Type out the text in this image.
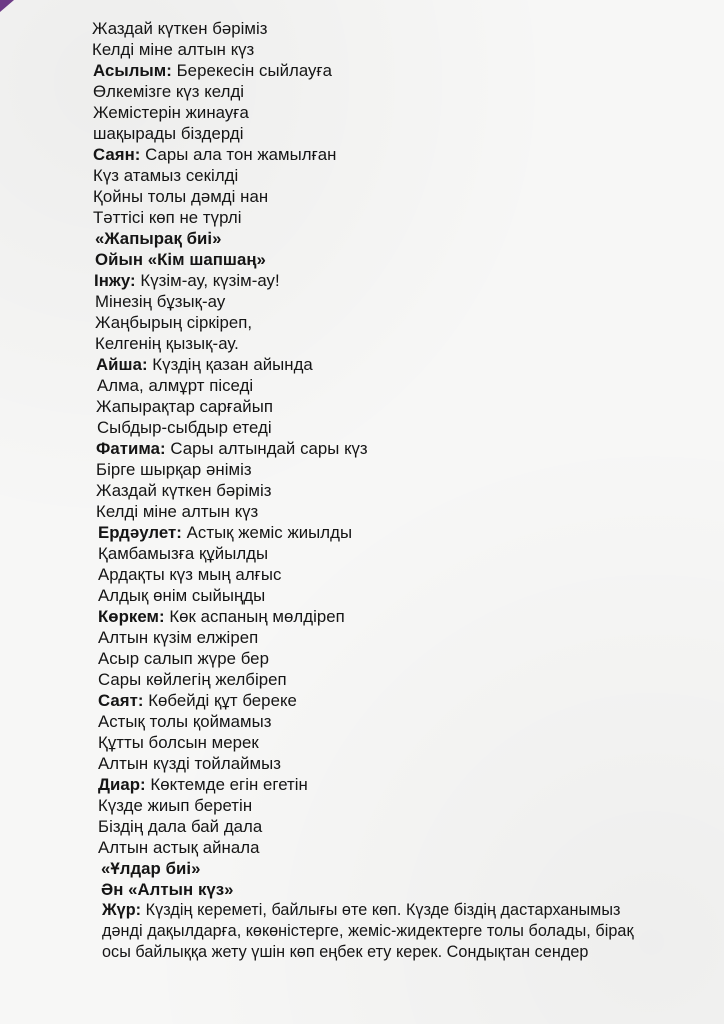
Жаздай күткен бәріміз
Келді міне алтын күз
Асылым: Берекесін сыйлауға
Өлкемізге күз келді
Жемістерін жинауға
шақырады біздерді
Саян: Сары ала тон жамылған
Күз атамыз секілді
Қойны толы дәмді нан
Тәттісі көп не түрлі
«Жапырақ биі»
Ойын «Кім шапшаң»
Інжу: Күзім-ау, күзім-ау!
Мінезің бұзық-ау
Жаңбырың сіркіреп,
Келгенің қызық-ау.
Айша: Күздің қазан айында
Алма, алмұрт піседі
Жапырақтар сарғайып
Сыбдыр-сыбдыр етеді
Фатима: Сары алтындай сары күз
Бірге шырқар әніміз
Жаздай күткен бәріміз
Келді міне алтын күз
Ердәулет: Астық жеміс жиылды
Қамбамызға құйылды
Ардақты күз мың алғыс
Алдық өнім сыйыңды
Көркем: Көк аспаның мөлдіреп
Алтын күзім елжіреп
Асыр салып жүре бер
Сары көйлегің желбіреп
Саят: Көбейді құт береке
Астық толы қоймамыз
Құтты болсын мерек
Алтын күзді тойлаймыз
Диар: Көктемде егін егетін
Күзде жиып беретін
Біздің дала бай дала
Алтын астық айнала
«Ұлдар биі»
Ән «Алтын күз»
Жүр: Күздің кереметі, байлығы өте көп. Күзде біздің дастарханымыз
дәнді дақылдарға, көкөністерге, жеміс-жидектерге толы болады, бірақ
осы байлыққа жету үшін көп еңбек ету керек. Сондықтан сендер
